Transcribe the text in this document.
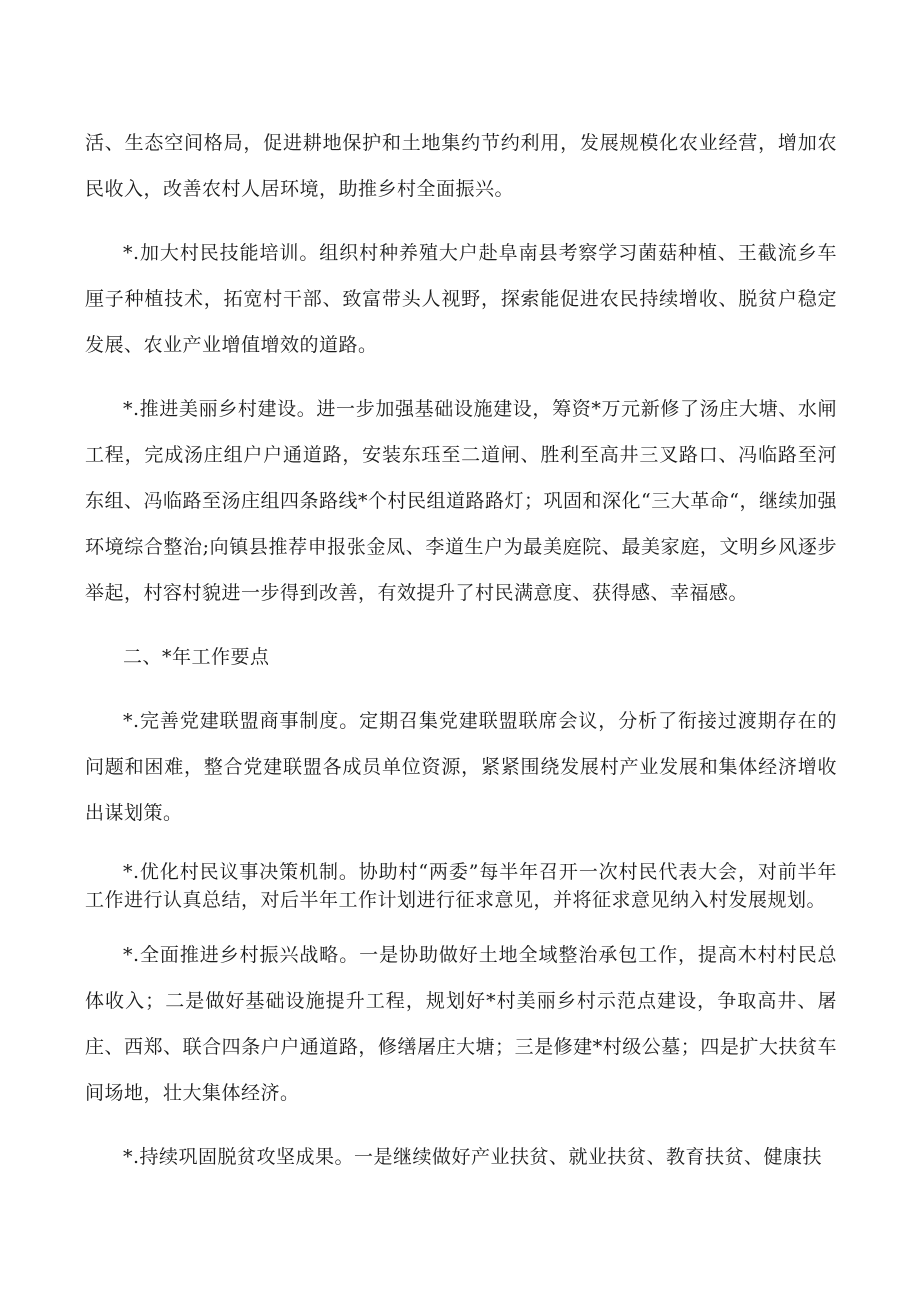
活、生态空间格局，促进耕地保护和土地集约节约利用，发展规模化农业经营，增加农民收入，改善农村人居环境，助推乡村全面振兴。

*.加大村民技能培训。组织村种养殖大户赴阜南县考察学习菌菇种植、王截流乡车厘子种植技术，拓宽村干部、致富带头人视野，探索能促进农民持续增收、脱贫户稳定发展、农业产业增值增效的道路。

*.推进美丽乡村建设。进一步加强基础设施建设，筹资*万元新修了汤庄大塘、水闸工程，完成汤庄组户户通道路，安装东珏至二道闸、胜利至高井三叉路口、冯临路至河东组、冯临路至汤庄组四条路线*个村民组道路路灯；巩固和深化“三大革命“，继续加强环境综合整治;向镇县推荐申报张金凤、李道生户为最美庭院、最美家庭，文明乡风逐步举起，村容村貌进一步得到改善，有效提升了村民满意度、获得感、幸福感。

二、*年工作要点

*.完善党建联盟商事制度。定期召集党建联盟联席会议，分析了衔接过渡期存在的问题和困难，整合党建联盟各成员单位资源，紧紧围绕发展村产业发展和集体经济增收出谋划策。

*.优化村民议事决策机制。协助村“两委”每半年召开一次村民代表大会，对前半年工作进行认真总结，对后半年工作计划进行征求意见，并将征求意见纳入村发展规划。

*.全面推进乡村振兴战略。一是协助做好土地全域整治承包工作，提高木村村民总体收入；二是做好基础设施提升工程，规划好*村美丽乡村示范点建设，争取高井、屠庄、西郑、联合四条户户通道路，修缮屠庄大塘；三是修建*村级公墓；四是扩大扶贫车间场地，壮大集体经济。

*.持续巩固脱贫攻坚成果。一是继续做好产业扶贫、就业扶贫、教育扶贫、健康扶
